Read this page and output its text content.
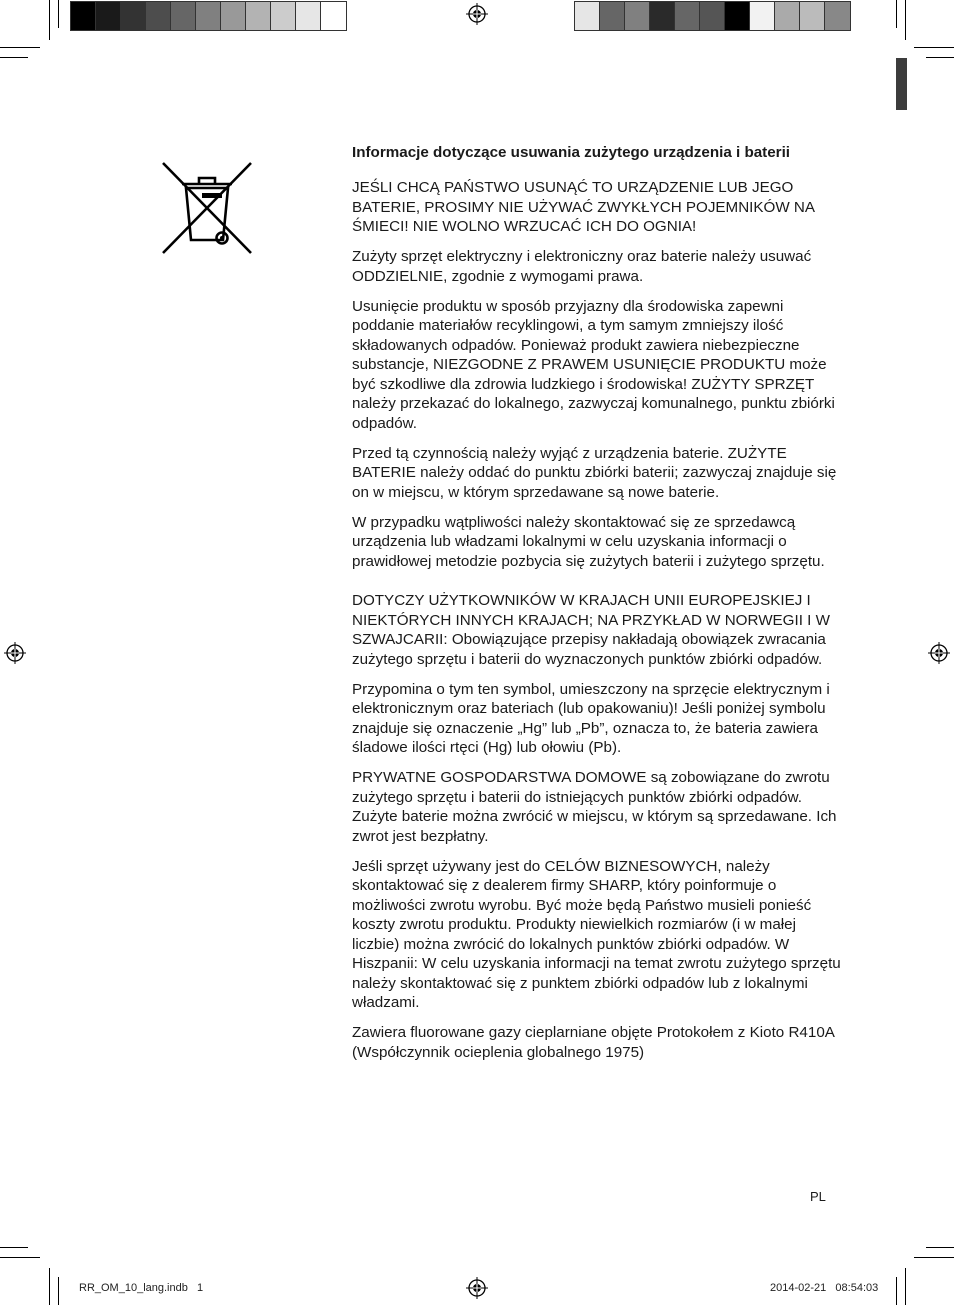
Informacje dotyczące usuwania zużytego urządzenia i baterii

JEŚLI CHCĄ PAŃSTWO USUNĄĆ TO URZĄDZENIE LUB JEGO BATERIE, PROSIMY NIE UŻYWAĆ ZWYKŁYCH POJEMNIKÓW NA ŚMIECI! NIE WOLNO WRZUCAĆ ICH DO OGNIA!

Zużyty sprzęt elektryczny i elektroniczny oraz baterie należy usuwać ODDZIELNIE, zgodnie z wymogami prawa.

Usunięcie produktu w sposób przyjazny dla środowiska zapewni poddanie materiałów recyklingowi, a tym samym zmniejszy ilość składowanych odpadów. Ponieważ produkt zawiera niebezpieczne substancje, NIEZGODNE Z PRAWEM USUNIĘCIE PRODUKTU może być szkodliwe dla zdrowia ludzkiego i środowiska! ZUŻYTY SPRZĘT należy przekazać do lokalnego, zazwyczaj komunalnego, punktu zbiórki odpadów.

Przed tą czynnością należy wyjąć z urządzenia baterie. ZUŻYTE BATERIE należy oddać do punktu zbiórki baterii; zazwyczaj znajduje się on w miejscu, w którym sprzedawane są nowe baterie.

W przypadku wątpliwości należy skontaktować się ze sprzedawcą urządzenia lub władzami lokalnymi w celu uzyskania informacji o prawidłowej metodzie pozbycia się zużytych baterii i zużytego sprzętu.

DOTYCZY UŻYTKOWNIKÓW W KRAJACH UNII EUROPEJSKIEJ I NIEKTÓRYCH INNYCH KRAJACH; NA PRZYKŁAD W NORWEGII I W SZWAJCARII: Obowiązujące przepisy nakładają obowiązek zwracania zużytego sprzętu i baterii do wyznaczonych punktów zbiórki odpadów.

Przypomina o tym ten symbol, umieszczony na sprzęcie elektrycznym i elektronicznym oraz bateriach (lub opakowaniu)! Jeśli poniżej symbolu znajduje się oznaczenie „Hg” lub „Pb”, oznacza to, że bateria zawiera śladowe ilości rtęci (Hg) lub ołowiu (Pb).

PRYWATNE GOSPODARSTWA DOMOWE są zobowiązane do zwrotu zużytego sprzętu i baterii do istniejących punktów zbiórki odpadów. Zużyte baterie można zwrócić w miejscu, w którym są sprzedawane. Ich zwrot jest bezpłatny.

Jeśli sprzęt używany jest do CELÓW BIZNESOWYCH, należy skontaktować się z dealerem firmy SHARP, który poinformuje o możliwości zwrotu wyrobu. Być może będą Państwo musieli ponieść koszty zwrotu produktu. Produkty niewielkich rozmiarów (i w małej liczbie) można zwrócić do lokalnych punktów zbiórki odpadów. W Hiszpanii: W celu uzyskania informacji na temat zwrotu zużytego sprzętu należy skontaktować się z punktem zbiórki odpadów lub z lokalnymi władzami.

Zawiera fluorowane gazy cieplarniane objęte Protokołem z Kioto R410A (Współczynnik ocieplenia globalnego 1975)

PL
RR_OM_10_lang.indb   1	2014-02-21   08:54:03
